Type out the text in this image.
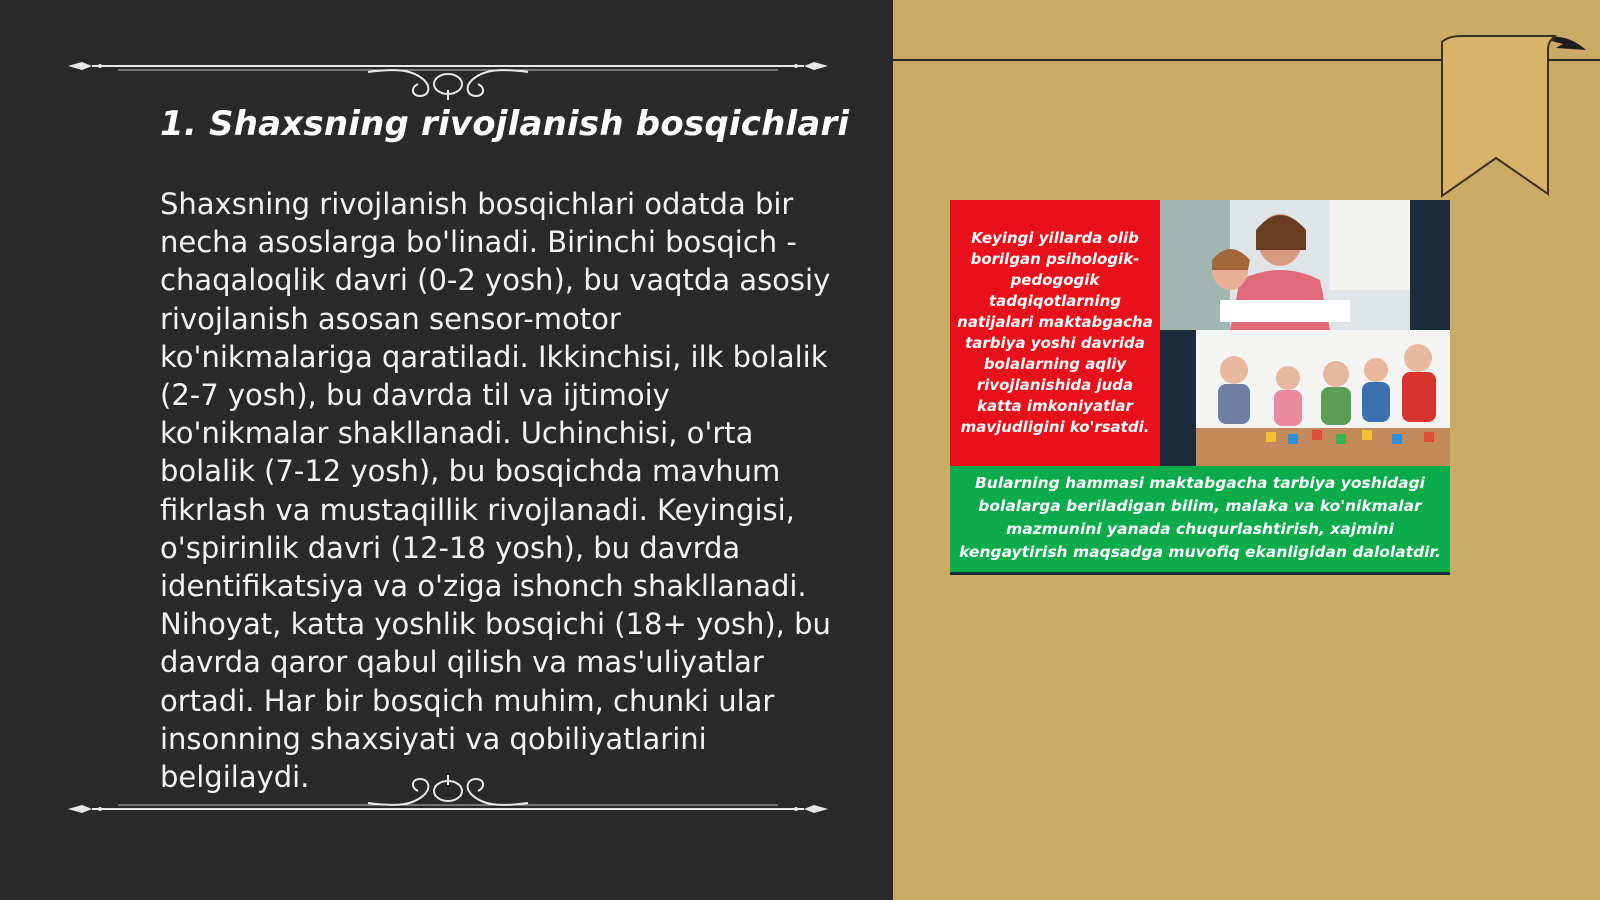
1. Shaxsning rivojlanish bosqichlari

Shaxsning rivojlanish bosqichlari odatda bir necha asoslarga bo'linadi. Birinchi bosqich - chaqaloqlik davri (0-2 yosh), bu vaqtda asosiy rivojlanish asosan sensor-motor ko'nikmalariga qaratiladi. Ikkinchisi, ilk bolalik (2-7 yosh), bu davrda til va ijtimoiy ko'nikmalar shakllanadi. Uchinchisi, o'rta bolalik (7-12 yosh), bu bosqichda mavhum fikrlash va mustaqillik rivojlanadi. Keyingisi, o'spirinlik davri (12-18 yosh), bu davrda identifikatsiya va o'ziga ishonch shakllanadi. Nihoyat, katta yoshlik bosqichi (18+ yosh), bu davrda qaror qabul qilish va mas'uliyatlar ortadi. Har bir bosqich muhim, chunki ular insonning shaxsiyati va qobiliyatlarini belgilaydi.

Keyingi yillarda olib borilgan psihologik-pedogogik tadqiqotlarning natijalari maktabgacha tarbiya yoshi davrida bolalarning aqliy rivojlanishida juda katta imkoniyatlar mavjudligini ko'rsatdi.
Bularning hammasi maktabgacha tarbiya yoshidagi bolalarga beriladigan bilim, malaka va ko'nikmalar mazmunini yanada chuqurlashtirish, xajmini kengaytirish maqsadga muvofiq ekanligidan dalolatdir.
